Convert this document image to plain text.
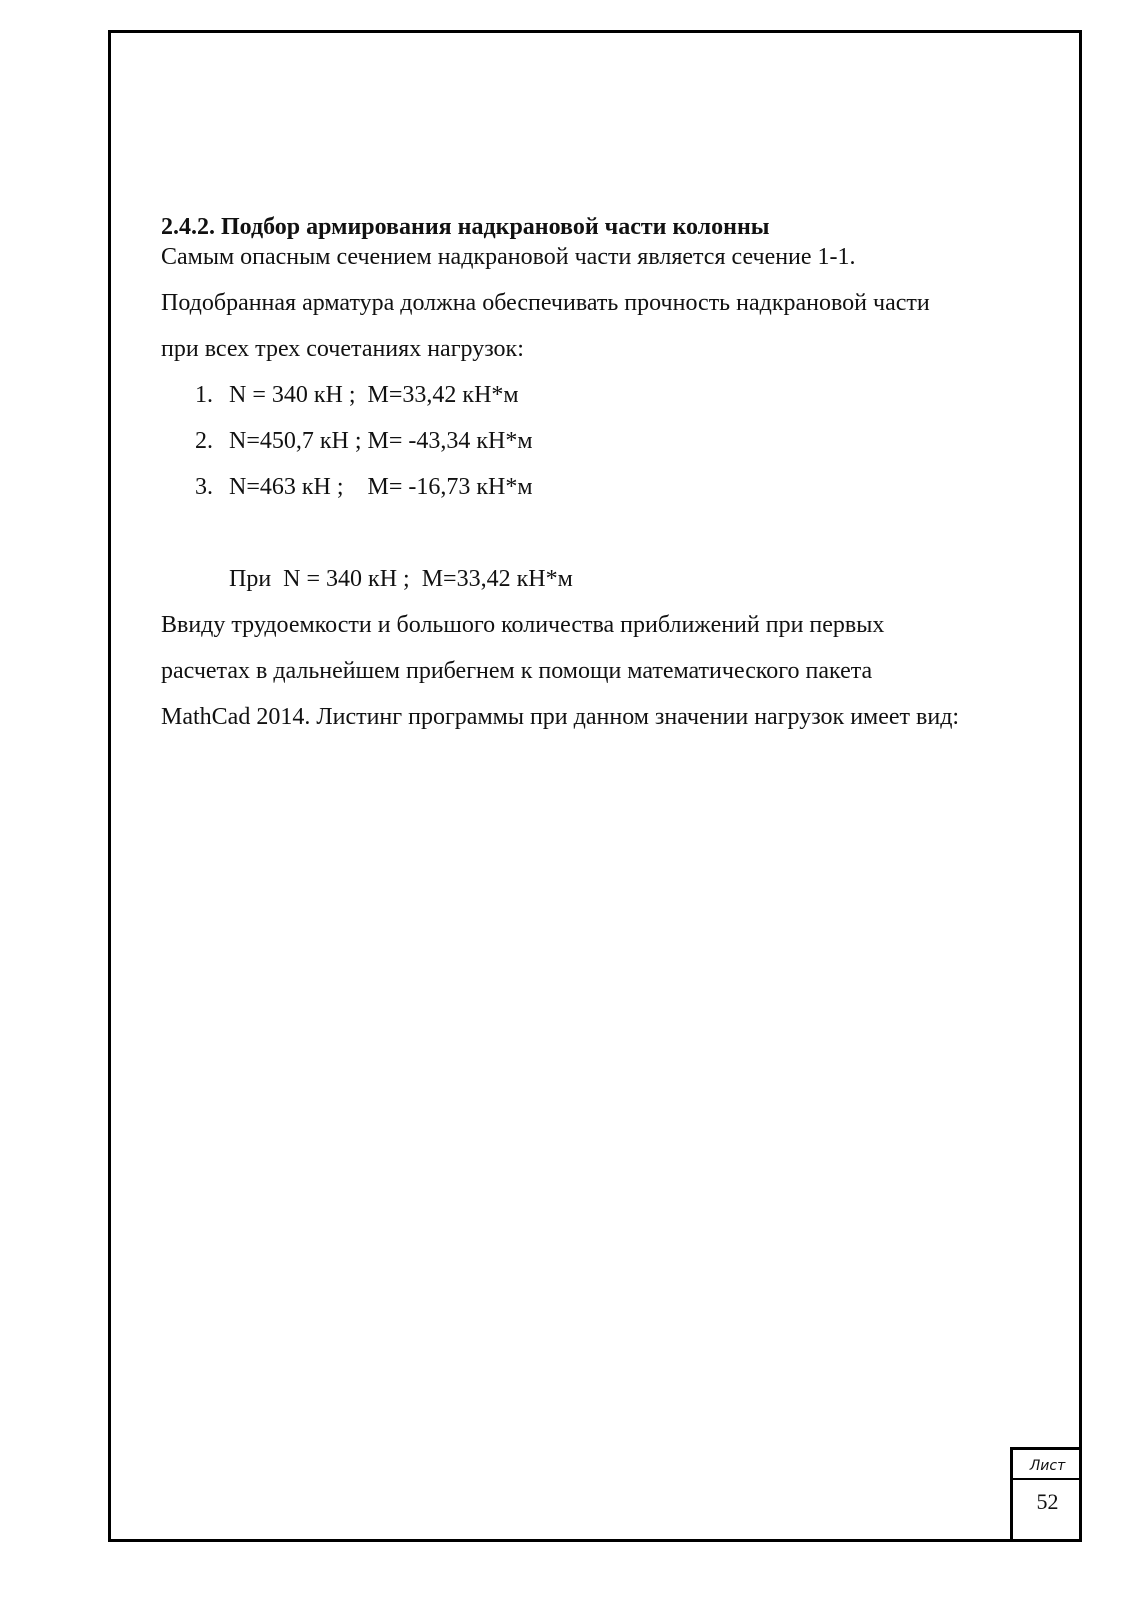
2.4.2. Подбор армирования надкрановой части колонны

Самым опасным сечением надкрановой части является сечение 1-1.

Подобранная арматура должна обеспечивать прочность надкрановой части

при всех трех сочетаниях нагрузок:

1. N = 340 кН ;  М=33,42 кН*м
2. N=450,7 кН ; М= -43,34 кН*м
3. N=463 кН ;    М= -16,73 кН*м

При  N = 340 кН ;  М=33,42 кН*м

Ввиду трудоемкости и большого количества приближений при первых

расчетах в дальнейшем прибегнем к помощи математического пакета

MathCad 2014. Листинг программы при данном значении нагрузок имеет вид:

Лист
52
